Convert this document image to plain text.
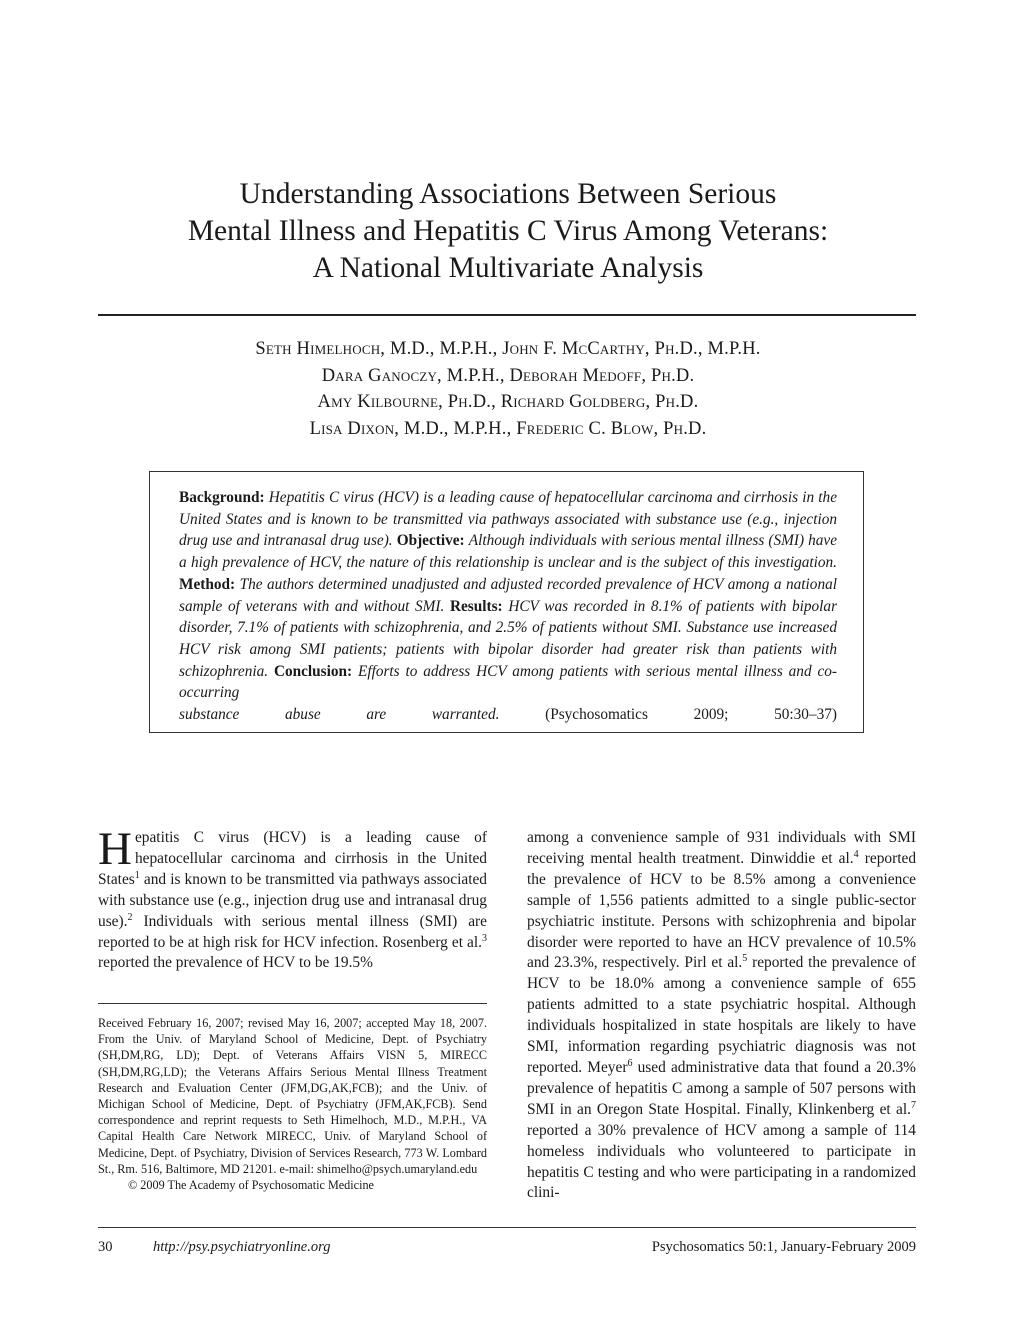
Understanding Associations Between Serious
Mental Illness and Hepatitis C Virus Among Veterans:
A National Multivariate Analysis
Seth Himelhoch, M.D., M.P.H., John F. McCarthy, Ph.D., M.P.H.
Dara Ganoczy, M.P.H., Deborah Medoff, Ph.D.
Amy Kilbourne, Ph.D., Richard Goldberg, Ph.D.
Lisa Dixon, M.D., M.P.H., Frederic C. Blow, Ph.D.
Background: Hepatitis C virus (HCV) is a leading cause of hepatocellular carcinoma and cirrhosis in the United States and is known to be transmitted via pathways associated with substance use (e.g., injection drug use and intranasal drug use). Objective: Although individuals with serious mental illness (SMI) have a high prevalence of HCV, the nature of this relationship is unclear and is the subject of this investigation. Method: The authors determined unadjusted and adjusted recorded prevalence of HCV among a national sample of veterans with and without SMI. Results: HCV was recorded in 8.1% of patients with bipolar disorder, 7.1% of patients with schizophrenia, and 2.5% of patients without SMI. Substance use increased HCV risk among SMI patients; patients with bipolar disorder had greater risk than patients with schizophrenia. Conclusion: Efforts to address HCV among patients with serious mental illness and co-occurring
substance abuse are warranted.	(Psychosomatics 2009; 50:30–37)

Hepatitis C virus (HCV) is a leading cause of hepatocellular carcinoma and cirrhosis in the United States$^1$ and is known to be transmitted via pathways associated with substance use (e.g., injection drug use and intranasal drug use).$^2$ Individuals with serious mental illness (SMI) are reported to be at high risk for HCV infection. Rosenberg et al.$^3$ reported the prevalence of HCV to be 19.5%

Received February 16, 2007; revised May 16, 2007; accepted May 18, 2007. From the Univ. of Maryland School of Medicine, Dept. of Psychiatry (SH,DM,RG, LD); Dept. of Veterans Affairs VISN 5, MIRECC (SH,DM,RG,LD); the Veterans Affairs Serious Mental Illness Treatment Research and Evaluation Center (JFM,DG,AK,FCB); and the Univ. of Michigan School of Medicine, Dept. of Psychiatry (JFM,AK,FCB). Send correspondence and reprint requests to Seth Himelhoch, M.D., M.P.H., VA Capital Health Care Network MIRECC, Univ. of Maryland School of Medicine, Dept. of Psychiatry, Division of Services Research, 773 W. Lombard St., Rm. 516, Baltimore, MD 21201. e-mail: shimelho@psych.umaryland.edu

© 2009 The Academy of Psychosomatic Medicine

among a convenience sample of 931 individuals with SMI receiving mental health treatment. Dinwiddie et al.$^4$ reported the prevalence of HCV to be 8.5% among a convenience sample of 1,556 patients admitted to a single public-sector psychiatric institute. Persons with schizophrenia and bipolar disorder were reported to have an HCV prevalence of 10.5% and 23.3%, respectively. Pirl et al.$^5$ reported the prevalence of HCV to be 18.0% among a convenience sample of 655 patients admitted to a state psychiatric hospital. Although individuals hospitalized in state hospitals are likely to have SMI, information regarding psychiatric diagnosis was not reported. Meyer$^6$ used administrative data that found a 20.3% prevalence of hepatitis C among a sample of 507 persons with SMI in an Oregon State Hospital. Finally, Klinkenberg et al.$^7$ reported a 30% prevalence of HCV among a sample of 114 homeless individuals who volunteered to participate in hepatitis C testing and who were participating in a randomized clini-

30	http://psy.psychiatryonline.org	Psychosomatics 50:1, January-February 2009
